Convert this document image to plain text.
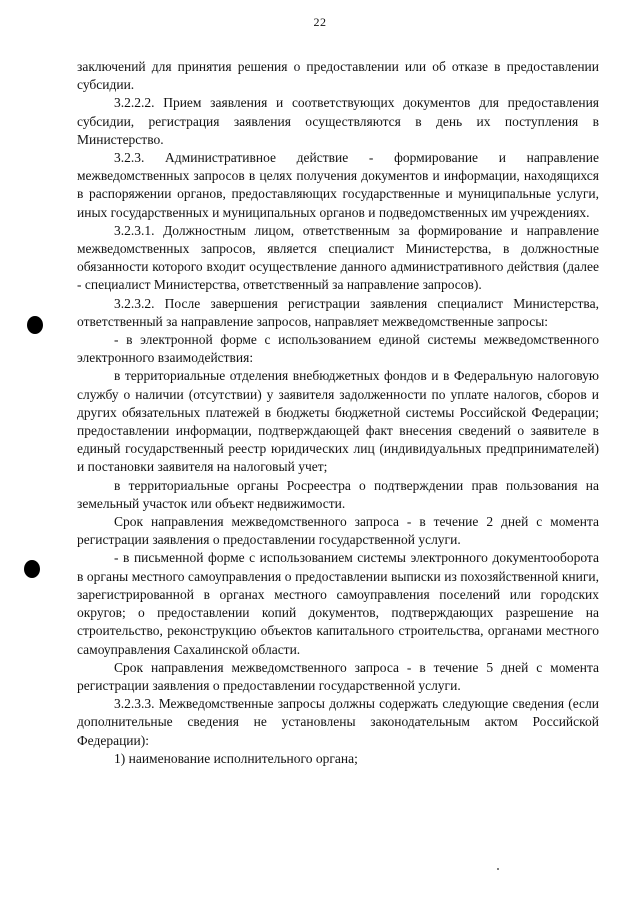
22

заключений для принятия решения о предоставлении или об отказе в предоставлении субсидии.

3.2.2.2. Прием заявления и соответствующих документов для предоставления субсидии, регистрация заявления осуществляются в день их поступления в Министерство.

3.2.3. Административное действие - формирование и направление межведомственных запросов в целях получения документов и информации, находящихся в распоряжении органов, предоставляющих государственные и муниципальные услуги, иных государственных и муниципальных органов и подведомственных им учреждениях.

3.2.3.1. Должностным лицом, ответственным за формирование и направление межведомственных запросов, является специалист Министерства, в должностные обязанности которого входит осуществление данного административного действия (далее - специалист Министерства, ответственный за направление запросов).

3.2.3.2. После завершения регистрации заявления специалист Министерства, ответственный за направление запросов, направляет межведомственные запросы:

- в электронной форме с использованием единой системы межведомственного электронного взаимодействия:

в территориальные отделения внебюджетных фондов и в Федеральную налоговую службу о наличии (отсутствии) у заявителя задолженности по уплате налогов, сборов и других обязательных платежей в бюджеты бюджетной системы Российской Федерации; предоставлении информации, подтверждающей факт внесения сведений о заявителе в единый государственный реестр юридических лиц (индивидуальных предпринимателей) и постановки заявителя на налоговый учет;

в территориальные органы Росреестра о подтверждении прав пользования на земельный участок или объект недвижимости.

Срок направления межведомственного запроса - в течение 2 дней с момента регистрации заявления о предоставлении государственной услуги.

- в письменной форме с использованием системы электронного документооборота в органы местного самоуправления о предоставлении выписки из похозяйственной книги, зарегистрированной в органах местного самоуправления поселений или городских округов; о предоставлении копий документов, подтверждающих разрешение на строительство, реконструкцию объектов капитального строительства, органами местного самоуправления Сахалинской области.

Срок направления межведомственного запроса - в течение 5 дней с момента регистрации заявления о предоставлении государственной услуги.

3.2.3.3. Межведомственные запросы должны содержать следующие сведения (если дополнительные сведения не установлены законодательным актом Российской Федерации):

1) наименование исполнительного органа;
